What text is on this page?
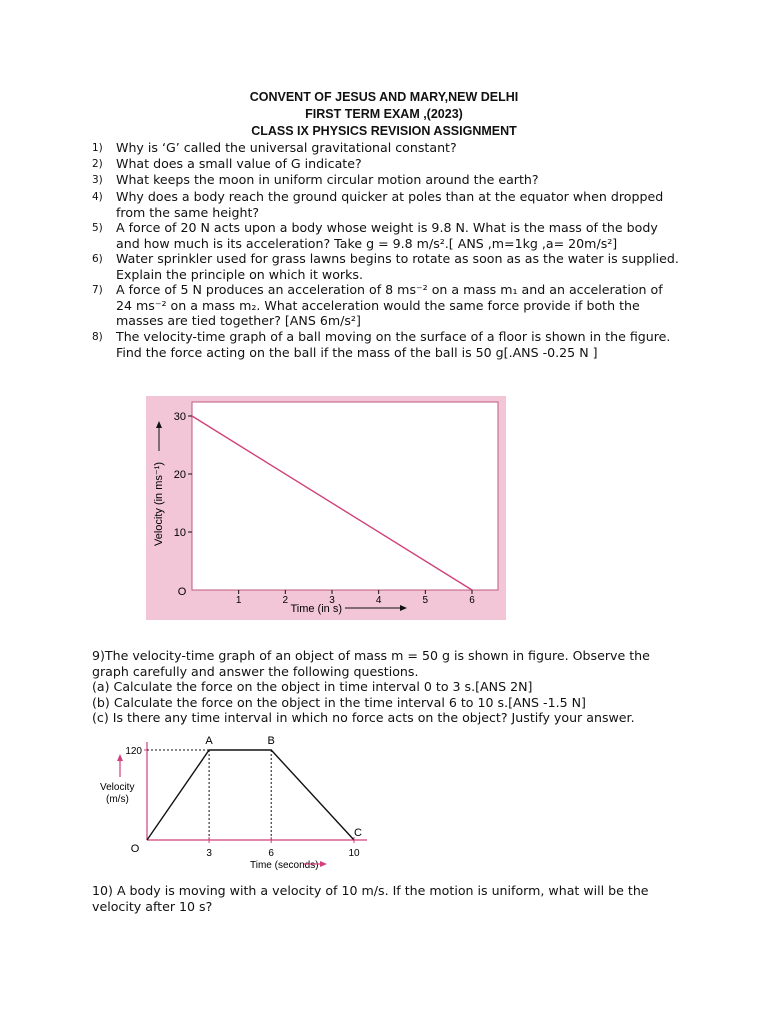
CONVENT OF JESUS AND MARY,NEW DELHI
FIRST TERM EXAM ,(2023)
CLASS IX PHYSICS REVISION ASSIGNMENT
1) Why is ‘G’ called the universal gravitational constant?
2) What does a small value of G indicate?
3) What keeps the moon in uniform circular motion around the earth?
4) Why does a body reach the ground quicker at poles than at the equator when dropped from the same height?
5) A force of 20 N acts upon a body whose weight is 9.8 N. What is the mass of the body and how much is its acceleration? Take g = 9.8 m/s².[ ANS ,m=1kg ,a= 20m/s²]
6) Water sprinkler used for grass lawns begins to rotate as soon as as the water is supplied. Explain the principle on which it works.
7) A force of 5 N produces an acceleration of 8 ms⁻² on a mass m₁ and an acceleration of 24 ms⁻² on a mass m₂. What acceleration would the same force provide if both the masses are tied together? [ANS 6m/s²]
8) The velocity-time graph of a ball moving on the surface of a floor is shown in the figure. Find the force acting on the ball if the mass of the ball is 50 g[.ANS -0.25 N ]
1	2	3	4	5	6
10
20
30
O
Time (in s)
Velocity (in ms⁻¹)
9)The velocity-time graph of an object of mass m = 50 g is shown in figure. Observe the
graph carefully and answer the following questions.
(a) Calculate the force on the object in time interval 0 to 3 s.[ANS 2N]
(b) Calculate the force on the object in the time interval 6 to 10 s.[ANS -1.5 N]
(c) Is there any time interval in which no force acts on the object? Justify your answer.
3	6	10
120
O
A	B
C
Velocity
(m/s)
Time (seconds)
10) A body is moving with a velocity of 10 m/s. If the motion is uniform, what will be the
velocity after 10 s?
